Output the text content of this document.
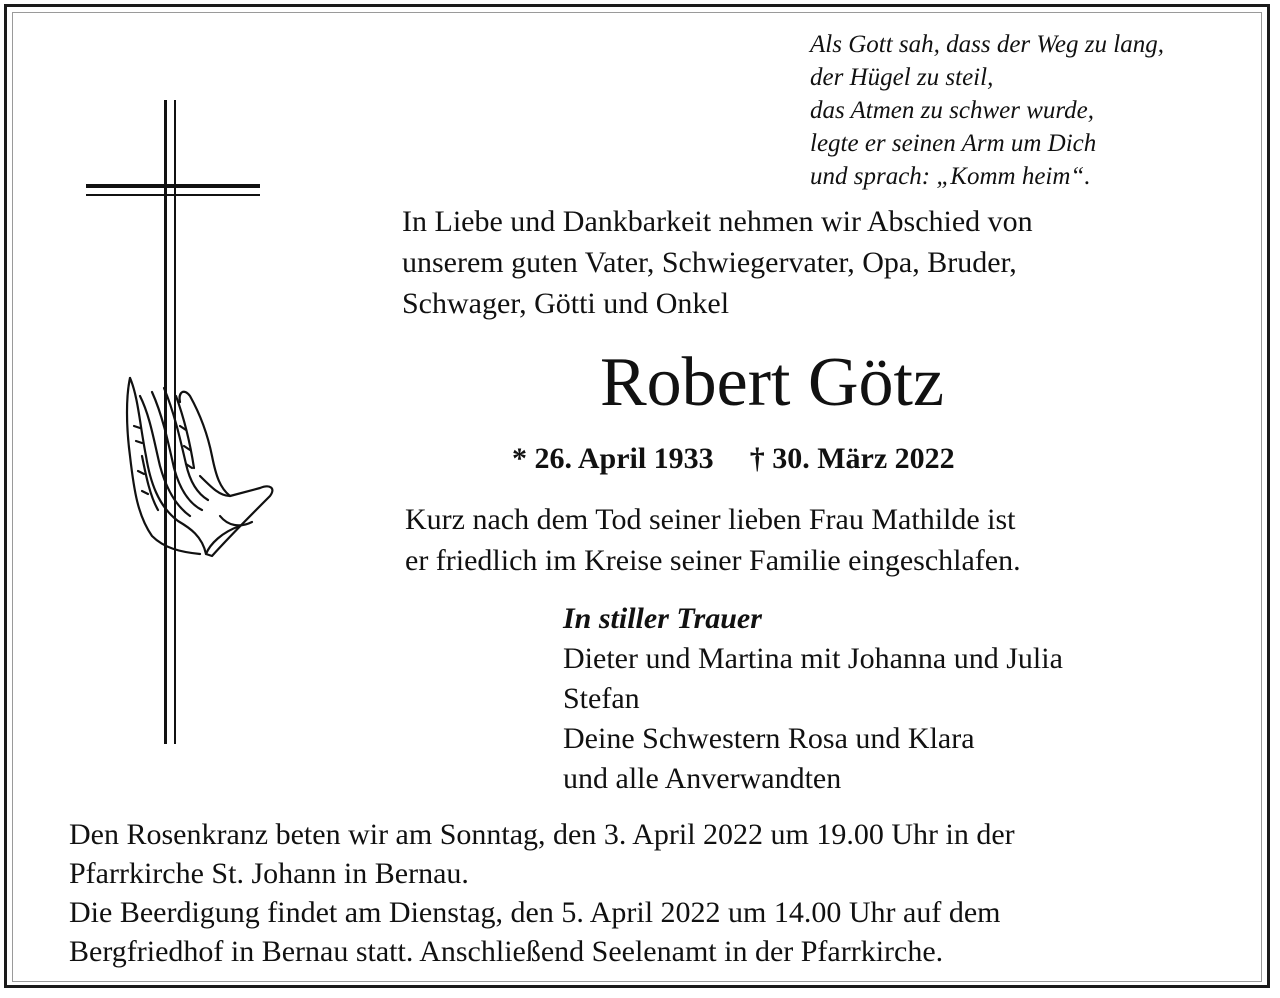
Als Gott sah, dass der Weg zu lang,
der Hügel zu steil,
das Atmen zu schwer wurde,
legte er seinen Arm um Dich
und sprach: „Komm heim“.
In Liebe und Dankbarkeit nehmen wir Abschied von
unserem guten Vater, Schwiegervater, Opa, Bruder,
Schwager, Götti und Onkel
Robert Götz
* 26. April 1933 † 30. März 2022
Kurz nach dem Tod seiner lieben Frau Mathilde ist
er friedlich im Kreise seiner Familie eingeschlafen.
In stiller Trauer
Dieter und Martina mit Johanna und Julia
Stefan
Deine Schwestern Rosa und Klara
und alle Anverwandten
Den Rosenkranz beten wir am Sonntag, den 3. April 2022 um 19.00 Uhr in der
Pfarrkirche St. Johann in Bernau.
Die Beerdigung findet am Dienstag, den 5. April 2022 um 14.00 Uhr auf dem
Bergfriedhof in Bernau statt. Anschließend Seelenamt in der Pfarrkirche.
